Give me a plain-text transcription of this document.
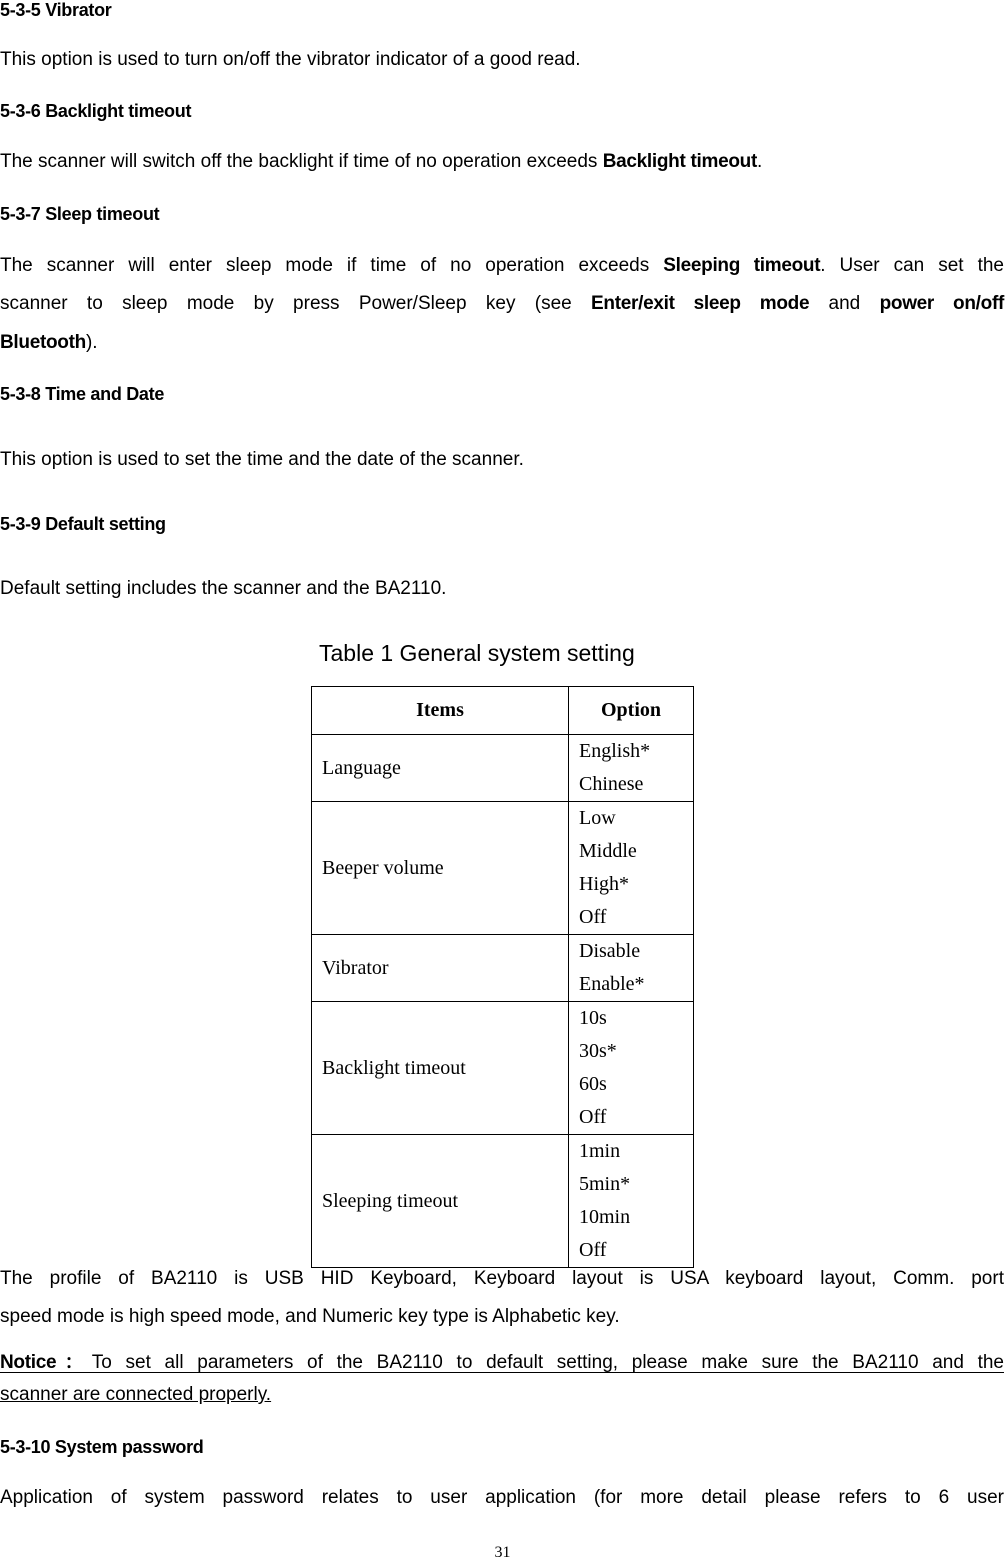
5-3-5 Vibrator
This option is used to turn on/off the vibrator indicator of a good read.
5-3-6 Backlight timeout
The scanner will switch off the backlight if time of no operation exceeds Backlight timeout.
5-3-7 Sleep timeout
The scanner will enter sleep mode if time of no operation exceeds Sleeping timeout. User can set the
scanner to sleep mode by press Power/Sleep key (see Enter/exit sleep mode and power on/off
Bluetooth).
5-3-8 Time and Date
This option is used to set the time and the date of the scanner.
5-3-9 Default setting
Default setting includes the scanner and the BA2110.
Table 1 General system setting
Items	Option
Language	English*
Chinese

Beeper volume	Low
Middle
High*
Off

Vibrator	Disable
Enable*

Backlight timeout	10s
30s*
60s
Off

Sleeping timeout	1min
5min*
10min
Off
The profile of BA2110 is USB HID Keyboard, Keyboard layout is USA keyboard layout, Comm. port
speed mode is high speed mode, and Numeric key type is Alphabetic key.
Notice：To set all parameters of the BA2110 to default setting, please make sure the BA2110 and the
scanner are connected properly.
5-3-10 System password
Application of system password relates to user application (for more detail please refers to 6 user
31
